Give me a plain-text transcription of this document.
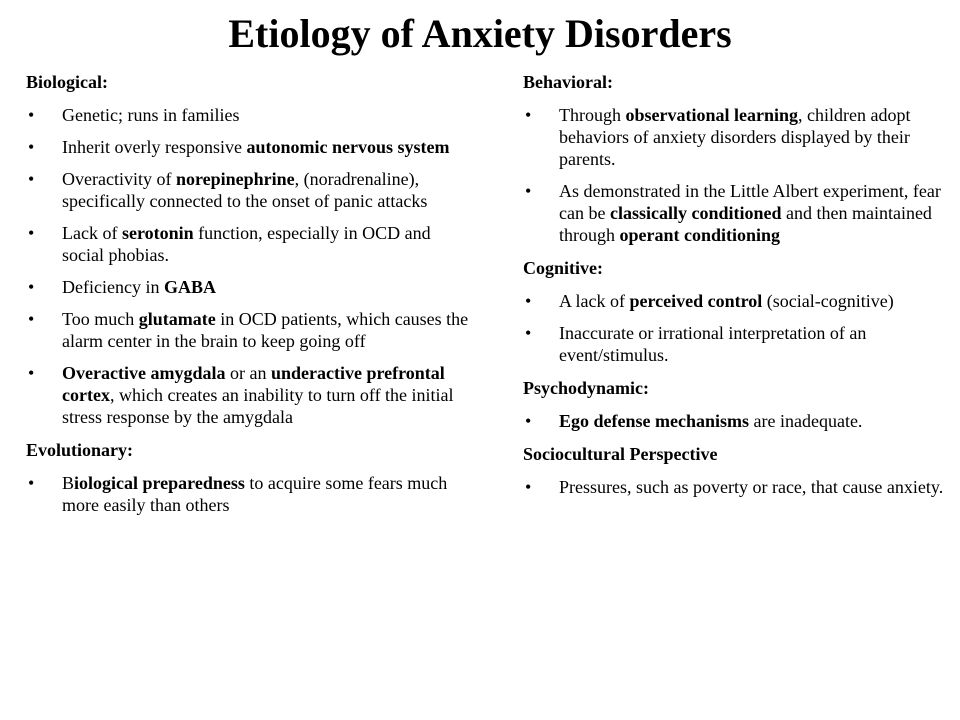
Etiology of Anxiety Disorders
Biological:
• Genetic; runs in families
• Inherit overly responsive autonomic nervous system
• Overactivity of norepinephrine, (noradrenaline), specifically connected to the onset of panic attacks
• Lack of serotonin function, especially in OCD and social phobias.
• Deficiency in GABA
• Too much glutamate in OCD patients, which causes the alarm center in the brain to keep going off
• Overactive amygdala or an underactive prefrontal cortex, which creates an inability to turn off the initial stress response by the amygdala
Evolutionary:
• Biological preparedness to acquire some fears much more easily than others
Behavioral:
• Through observational learning, children adopt behaviors of anxiety disorders displayed by their parents.
• As demonstrated in the Little Albert experiment, fear can be classically conditioned and then maintained through operant conditioning
Cognitive:
• A lack of perceived control (social-cognitive)
• Inaccurate or irrational interpretation of an event/stimulus.
Psychodynamic:
• Ego defense mechanisms are inadequate.
Sociocultural Perspective
• Pressures, such as poverty or race, that cause anxiety.
